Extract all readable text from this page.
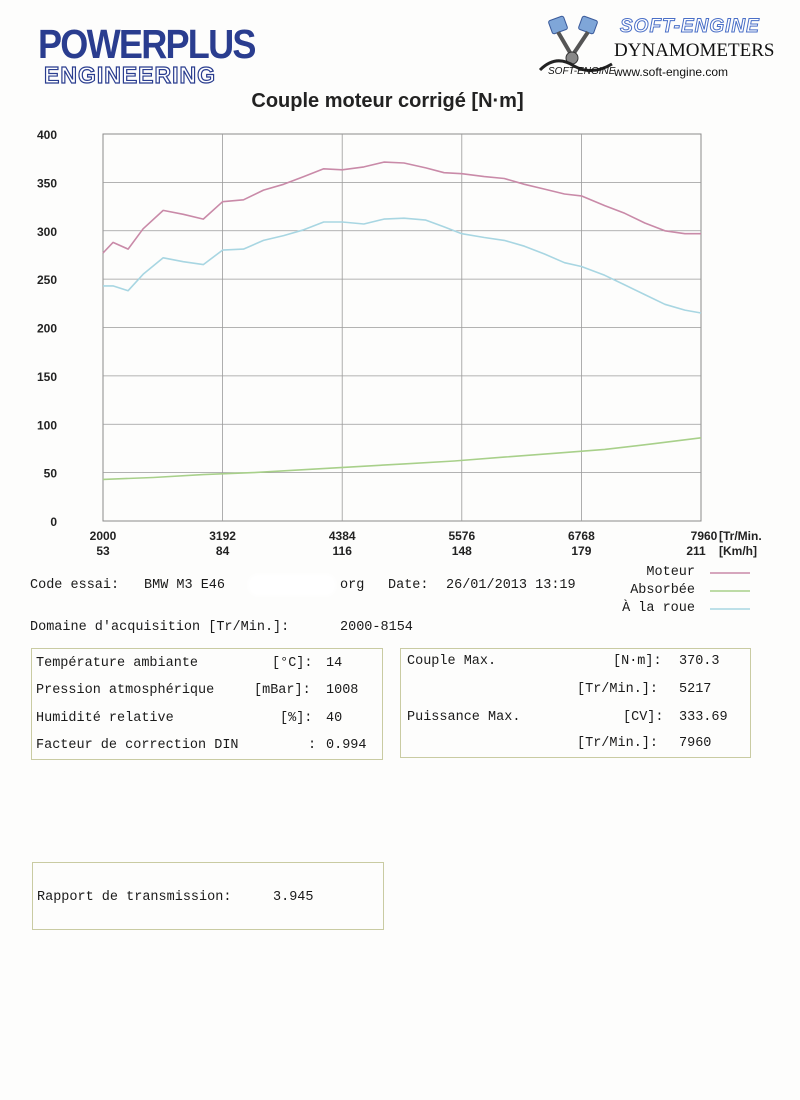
POWERPLUS
ENGINEERING
SOFT-ENGINE
DYNAMOMETERS
www.soft-engine.com
SOFT-ENGINE
Couple moteur corrigé [N·m]
0
50
100
150
200
250
300
350
400
2000
53
3192
84
4384
116
5576
148
6768
179
7960
211
[Tr/Min.
[Km/h]
Code essai: BMW M3 E46	org Date: 26/01/2013 13:19
Moteur
Absorbée
À la roue
Domaine d'acquisition [Tr/Min.]:	2000-8154
Température ambiante	[°C]: 14
Pression atmosphérique	[mBar]: 1008
Humidité relative	[%]: 40
Facteur de correction DIN	: 0.994
Couple Max.	[N·m]: 370.3
[Tr/Min.]: 5217
Puissance Max.	[CV]: 333.69
[Tr/Min.]: 7960
Rapport de transmission:	3.945
